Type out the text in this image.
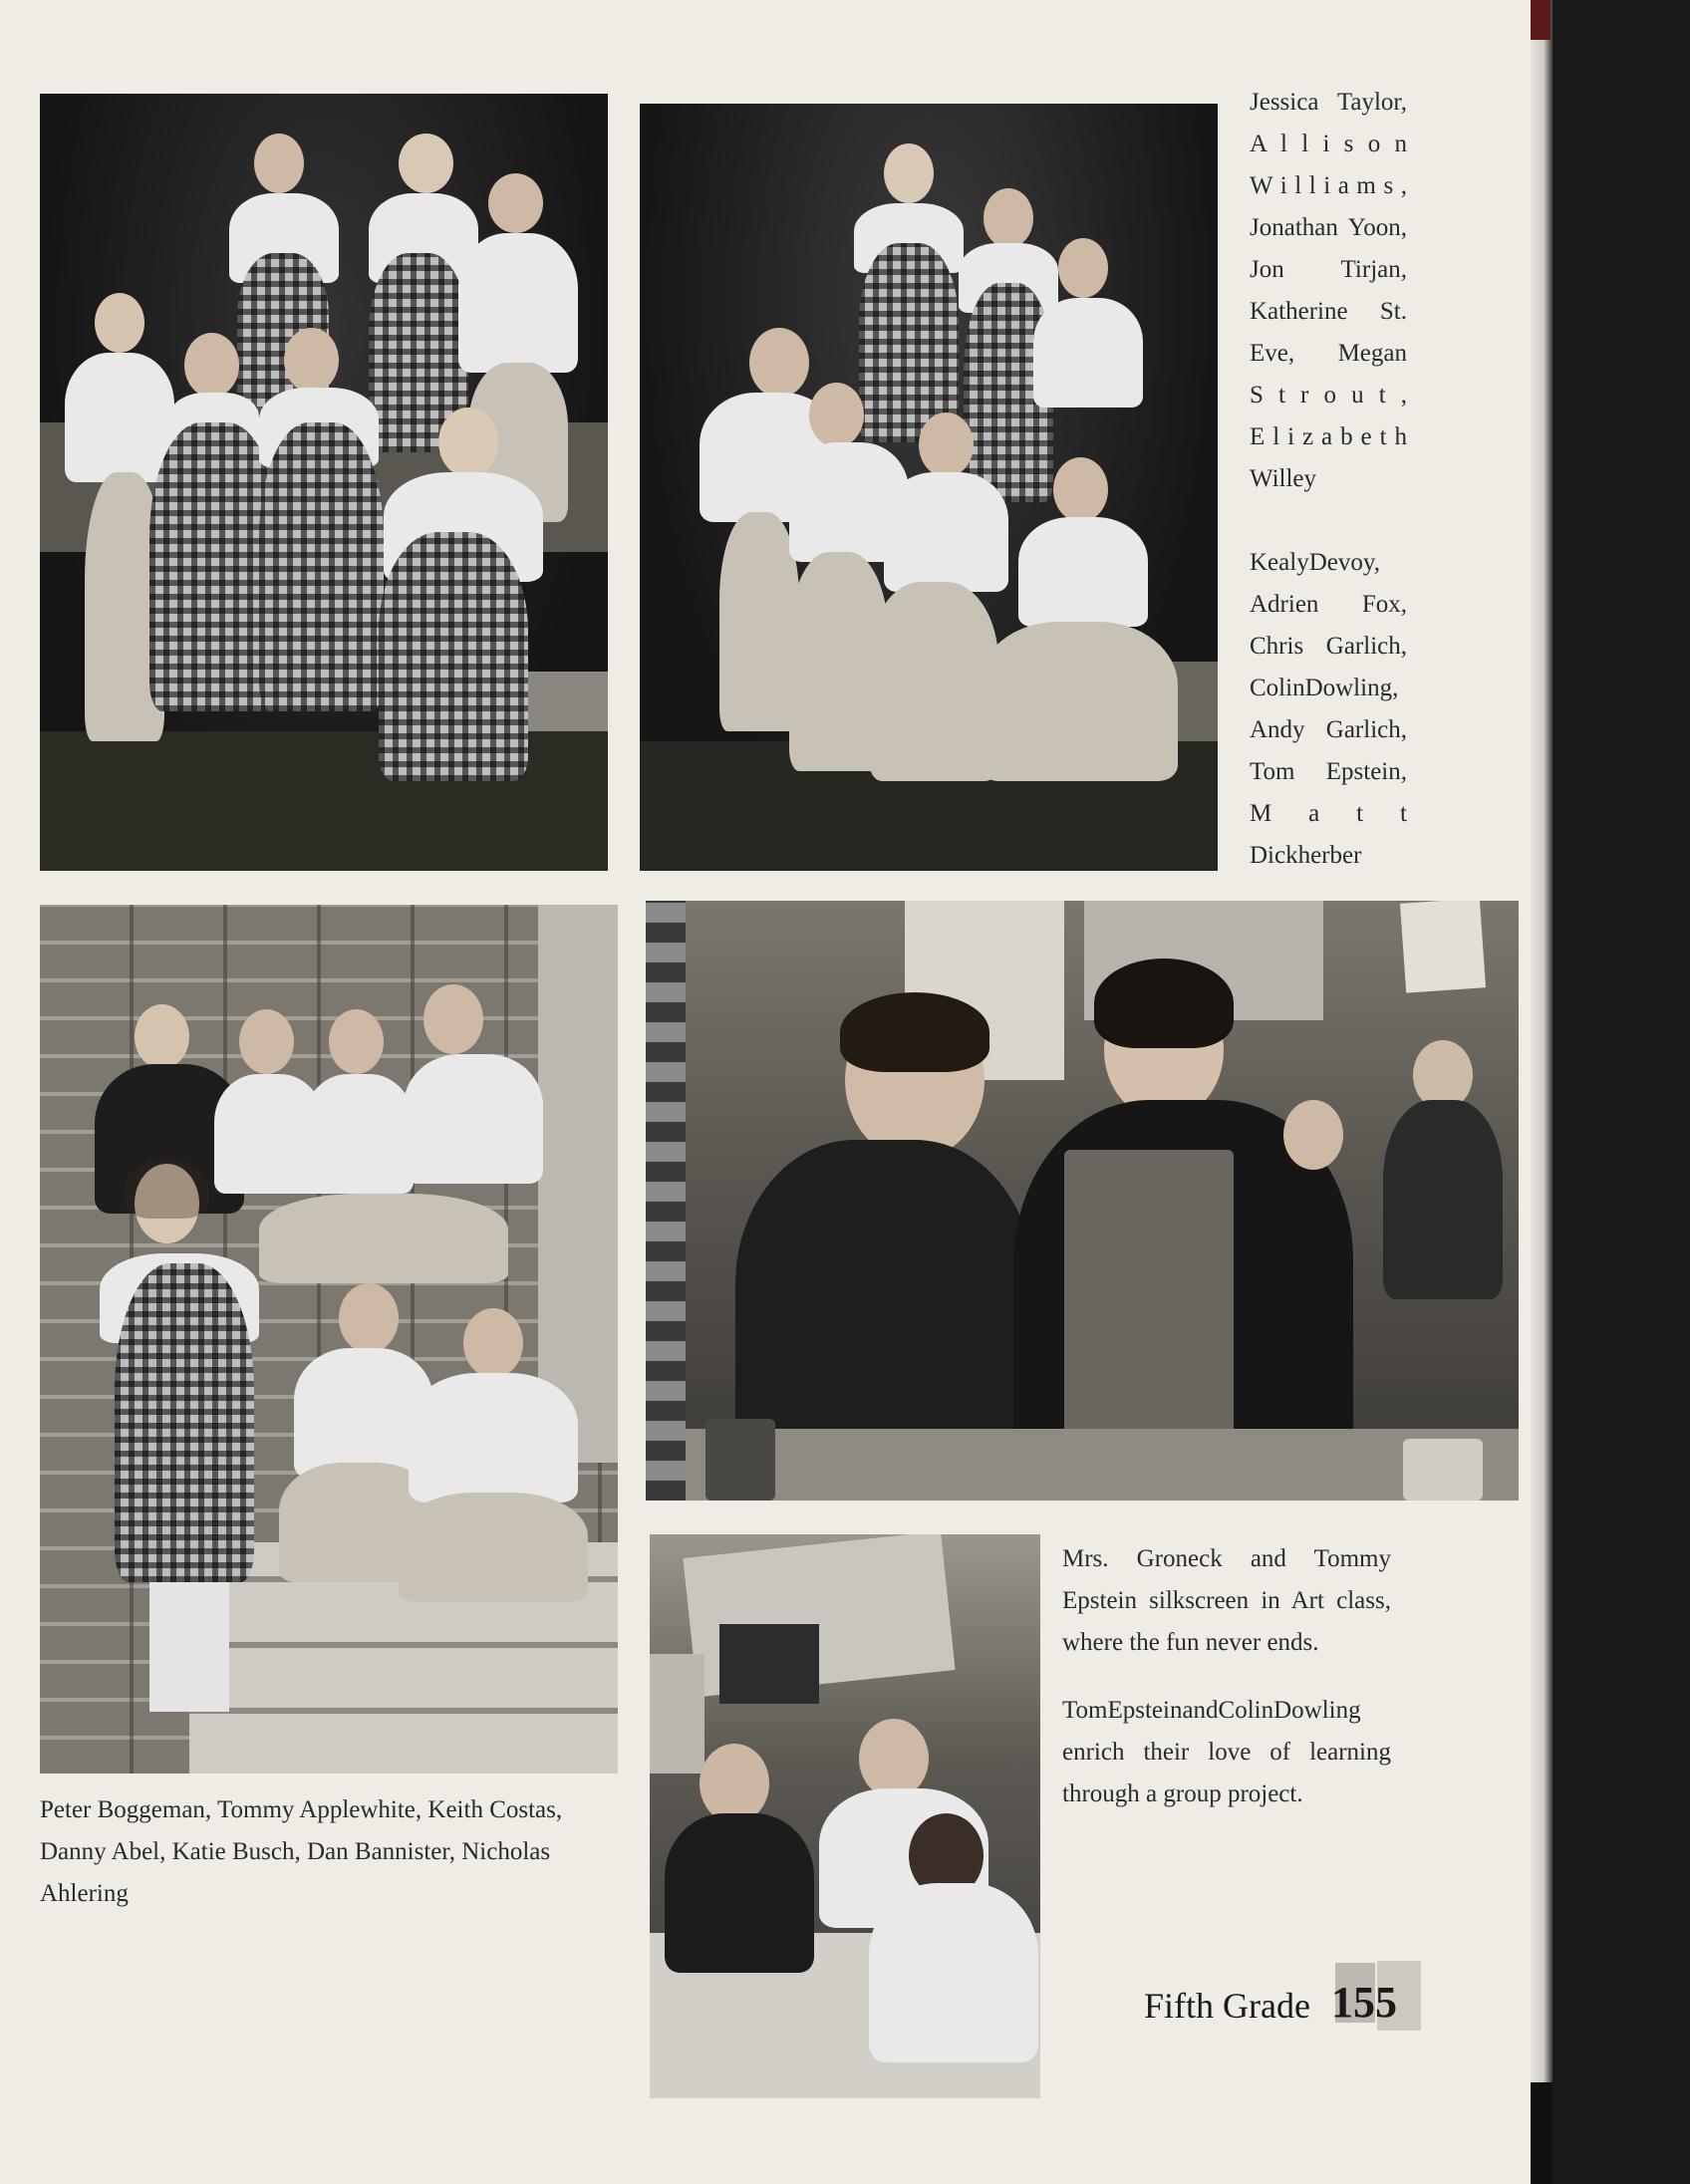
Jessica Taylor,
A l l i s o n
W i l l i a m s ,
Jonathan Yoon,
Jon Tirjan,
Katherine St.
Eve, Megan
S t r o u t ,
E l i z a b e t h
Willey
KealyDevoy,
Adrien Fox,
Chris Garlich,
ColinDowling,
Andy Garlich,
Tom Epstein,
M a t t
Dickherber
Peter Boggeman, Tommy Applewhite, Keith Costas,
Danny Abel, Katie Busch, Dan Bannister, Nicholas
Ahlering
Mrs. Groneck and Tommy
Epstein silkscreen in Art class,
where the fun never ends.
TomEpsteinandColinDowling
enrich their love of learning
through a group project.
Fifth Grade 155
